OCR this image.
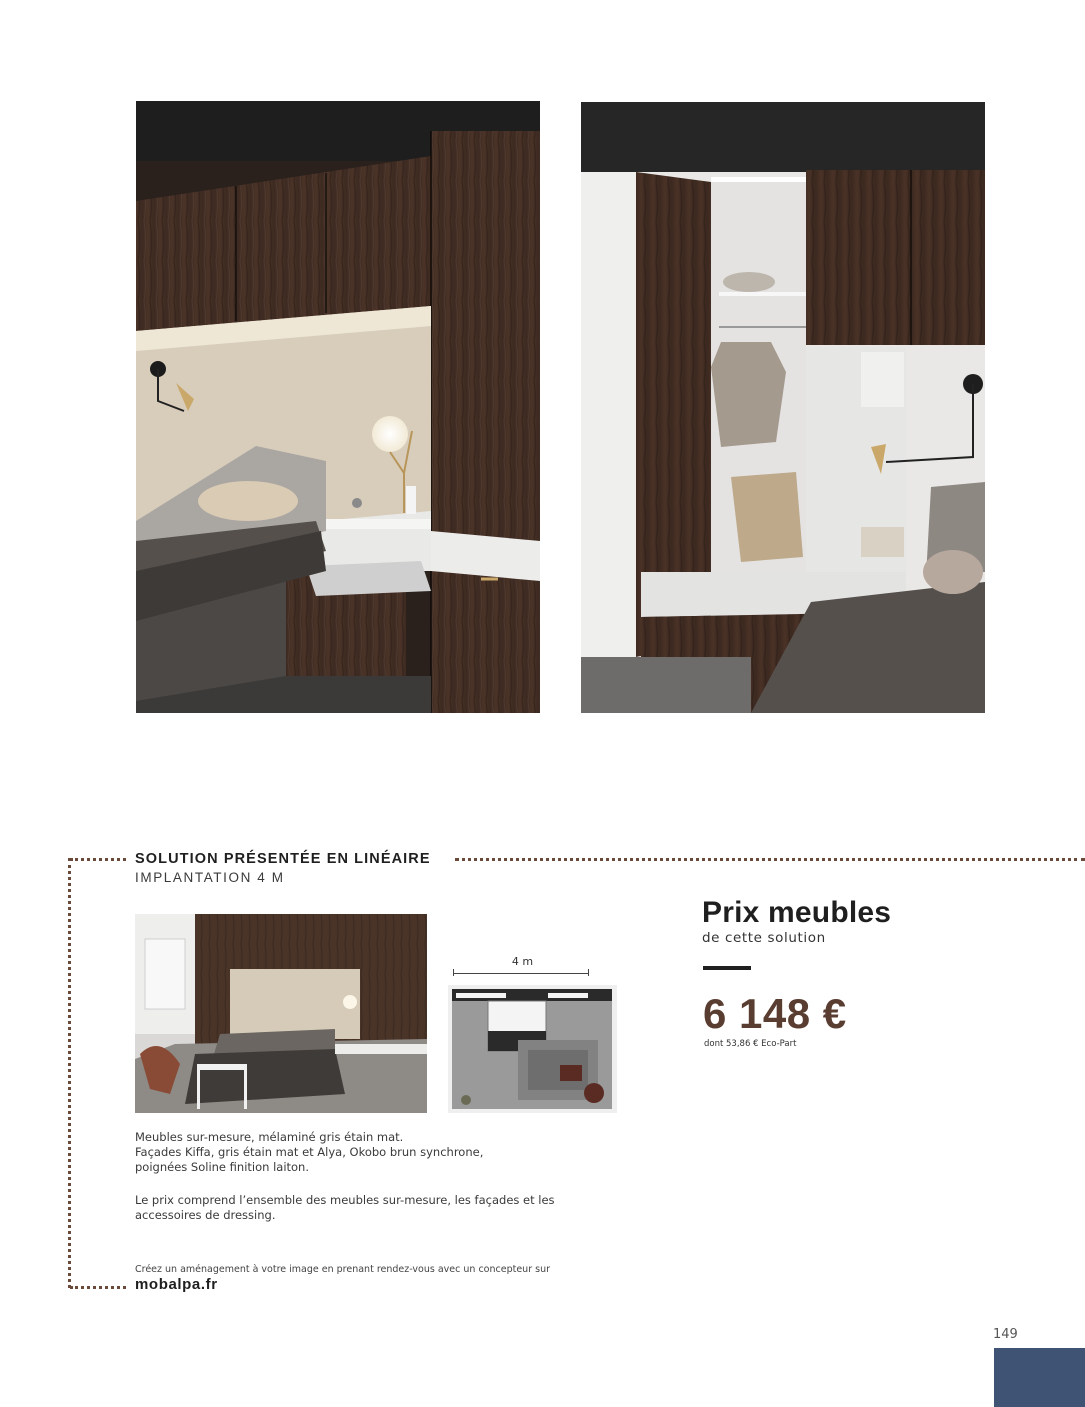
SOLUTION PRÉSENTÉE EN LINÉAIRE
IMPLANTATION 4 M
4 m

Meubles sur-mesure, mélaminé gris étain mat.

Façades Kiffa, gris étain mat et Alya, Okobo brun synchrone,

poignées Soline finition laiton.

Le prix comprend l’ensemble des meubles sur-mesure, les façades et les

accessoires de dressing.

Créez un aménagement à votre image en prenant rendez-vous avec un concepteur sur
mobalpa.fr
Prix meubles
de cette solution
6 148 €
dont 53,86 € Eco-Part
149
